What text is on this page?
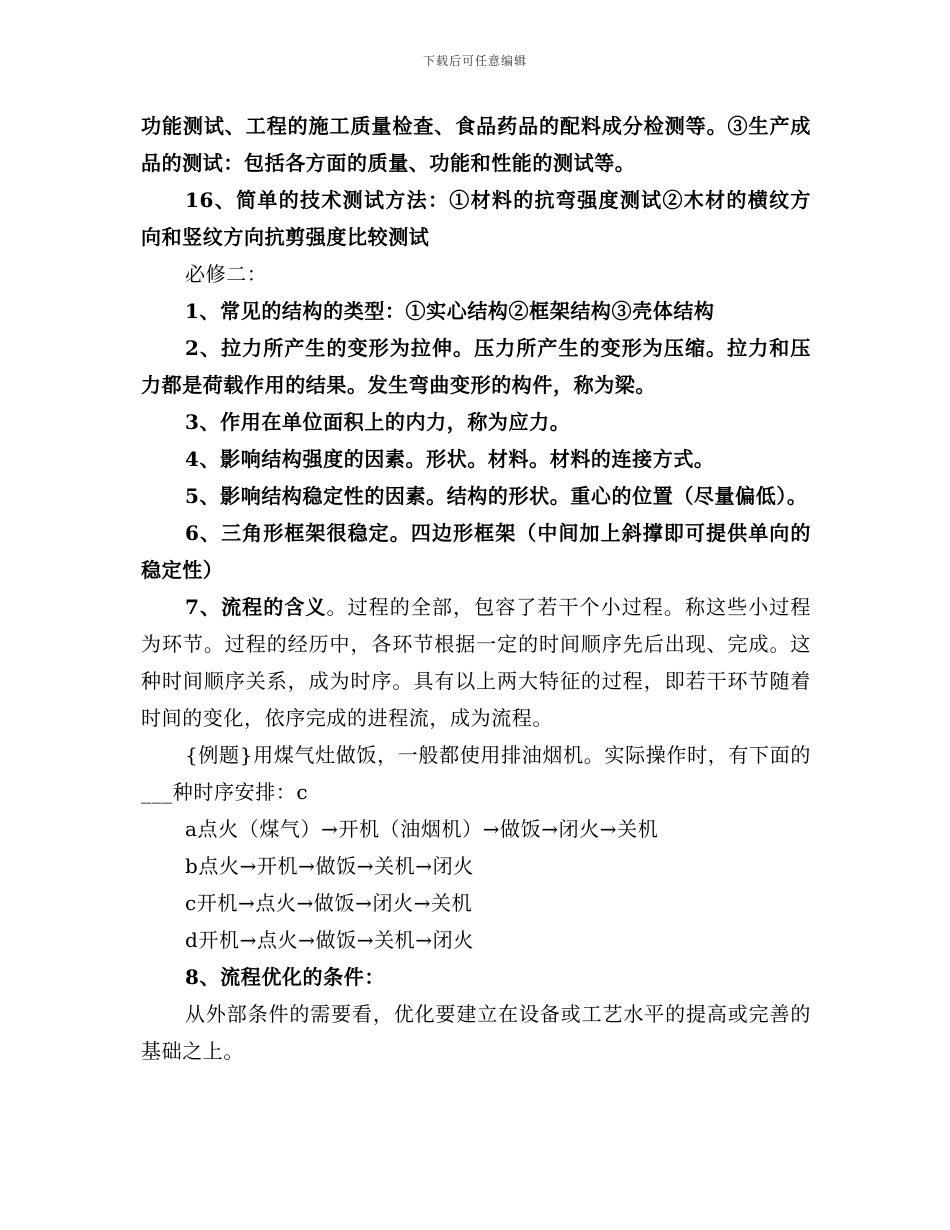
下载后可任意编辑

功能测试、工程的施工质量检查、食品药品的配料成分检测等。③生产成品的测试：包括各方面的质量、功能和性能的测试等。

16、简单的技术测试方法：①材料的抗弯强度测试②木材的横纹方向和竖纹方向抗剪强度比较测试

必修二：

1、常见的结构的类型：①实心结构②框架结构③壳体结构

2、拉力所产生的变形为拉伸。压力所产生的变形为压缩。拉力和压力都是荷载作用的结果。发生弯曲变形的构件，称为梁。

3、作用在单位面积上的内力，称为应力。

4、影响结构强度的因素。形状。材料。材料的连接方式。

5、影响结构稳定性的因素。结构的形状。重心的位置（尽量偏低）。

6、三角形框架很稳定。四边形框架（中间加上斜撑即可提供单向的稳定性）

7、流程的含义。过程的全部，包容了若干个小过程。称这些小过程为环节。过程的经历中，各环节根据一定的时间顺序先后出现、完成。这种时间顺序关系，成为时序。具有以上两大特征的过程，即若干环节随着时间的变化，依序完成的进程流，成为流程。

{例题}用煤气灶做饭，一般都使用排油烟机。实际操作时，有下面的___种时序安排：c

a点火（煤气）→开机（油烟机）→做饭→闭火→关机

b点火→开机→做饭→关机→闭火

c开机→点火→做饭→闭火→关机

d开机→点火→做饭→关机→闭火

8、流程优化的条件：

从外部条件的需要看，优化要建立在设备或工艺水平的提高或完善的基础之上。
